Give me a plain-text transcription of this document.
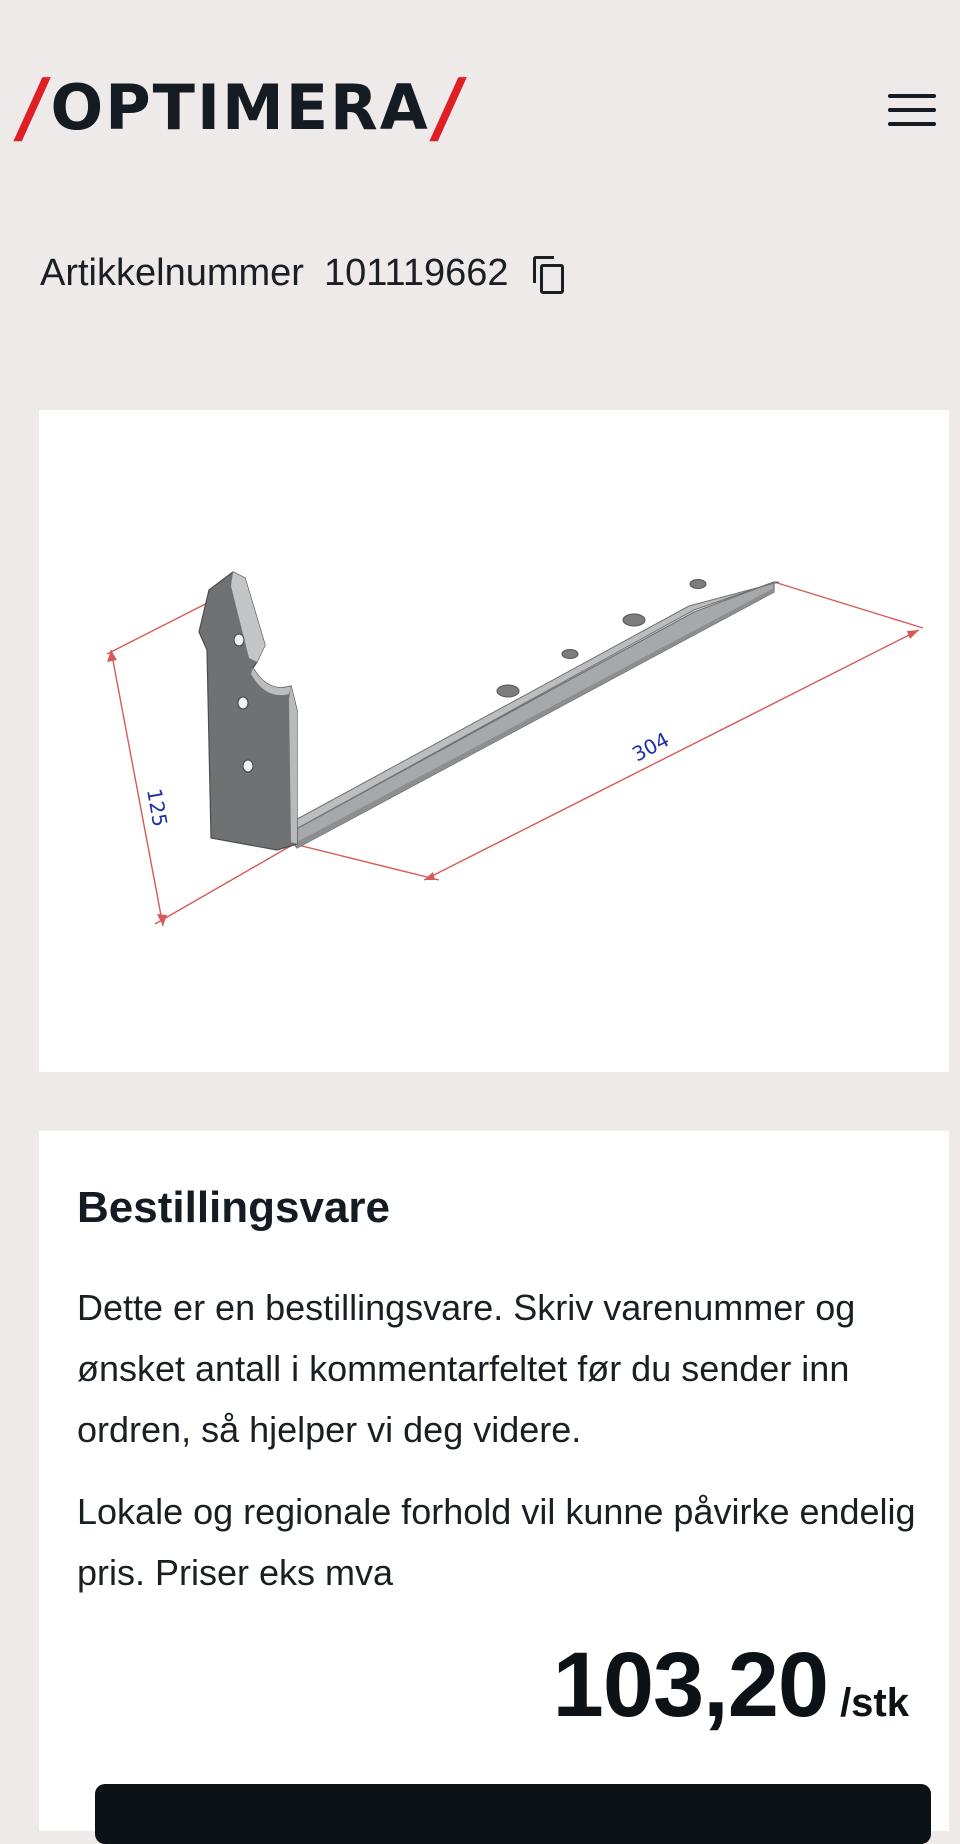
/
OPTIMERA
/
Artikkelnummer 101119662
125
304
Bestillingsvare

Dette er en bestillingsvare. Skriv varenummer og ønsket antall i kommentarfeltet før du sender inn ordren, så hjelper vi deg videre.

Lokale og regionale forhold vil kunne påvirke endelig pris. Priser eks mva

103,20 /stk
